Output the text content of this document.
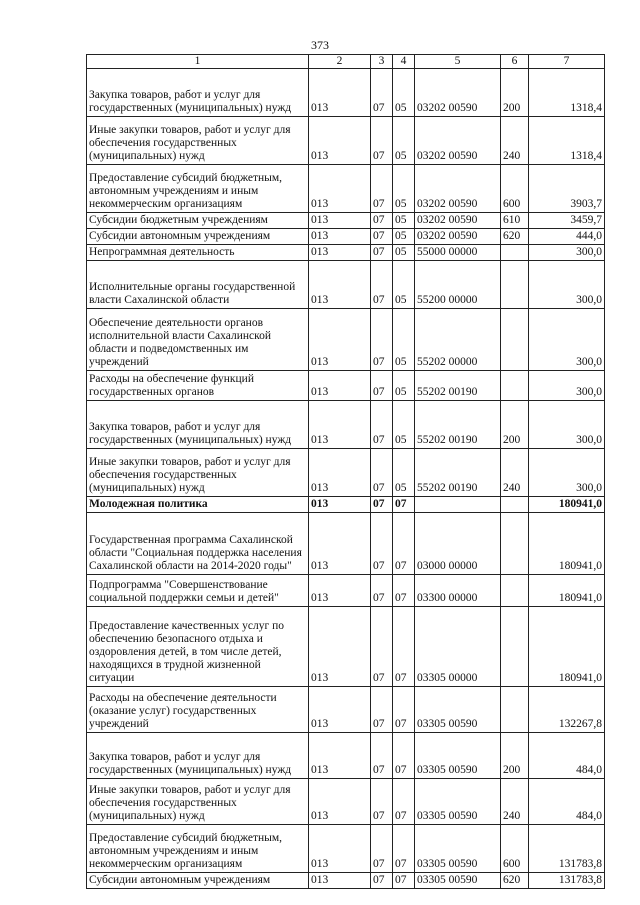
373
1	2	3	4	5	6	7
Закупка товаров, работ и услуг для государственных (муниципальных) нужд	013	07	05	03202 00590	200	1318,4
Иные закупки товаров, работ и услуг для обеспечения государственных (муниципальных) нужд	013	07	05	03202 00590	240	1318,4
Предоставление субсидий бюджетным, автономным учреждениям и иным некоммерческим организациям	013	07	05	03202 00590	600	3903,7
Субсидии бюджетным учреждениям	013	07	05	03202 00590	610	3459,7
Субсидии автономным учреждениям	013	07	05	03202 00590	620	444,0
Непрограммная деятельность	013	07	05	55000 00000		300,0
Исполнительные органы государственной власти Сахалинской области	013	07	05	55200 00000		300,0
Обеспечение деятельности органов исполнительной власти Сахалинской области и подведомственных им учреждений	013	07	05	55202 00000		300,0
Расходы на обеспечение функций государственных органов	013	07	05	55202 00190		300,0
Закупка товаров, работ и услуг для государственных (муниципальных) нужд	013	07	05	55202 00190	200	300,0
Иные закупки товаров, работ и услуг для обеспечения государственных (муниципальных) нужд	013	07	05	55202 00190	240	300,0
Молодежная политика	013	07	07			180941,0
Государственная программа Сахалинской области "Социальная поддержка населения Сахалинской области на 2014-2020 годы"	013	07	07	03000 00000		180941,0
Подпрограмма "Совершенствование социальной поддержки семьи и детей"	013	07	07	03300 00000		180941,0
Предоставление качественных услуг по обеспечению безопасного отдыха и оздоровления детей, в том числе детей, находящихся в трудной жизненной ситуации	013	07	07	03305 00000		180941,0
Расходы на обеспечение деятельности (оказание услуг) государственных учреждений	013	07	07	03305 00590		132267,8
Закупка товаров, работ и услуг для государственных (муниципальных) нужд	013	07	07	03305 00590	200	484,0
Иные закупки товаров, работ и услуг для обеспечения государственных (муниципальных) нужд	013	07	07	03305 00590	240	484,0
Предоставление субсидий бюджетным, автономным учреждениям и иным некоммерческим организациям	013	07	07	03305 00590	600	131783,8
Субсидии автономным учреждениям	013	07	07	03305 00590	620	131783,8
